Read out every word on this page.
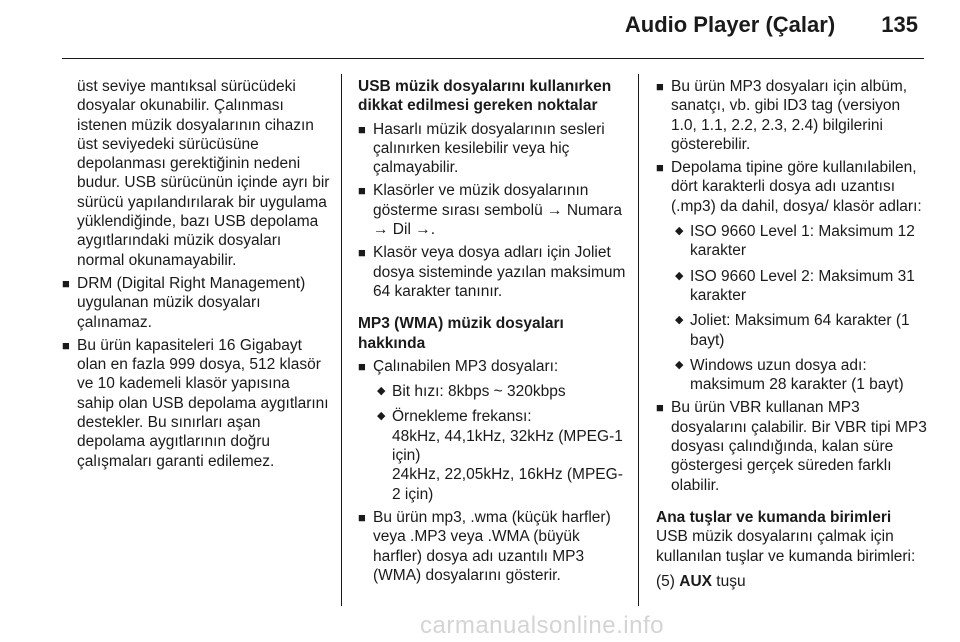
Audio Player (Çalar) 135

üst seviye mantıksal sürücüdeki dosyalar okunabilir. Çalınması istenen müzik dosyalarının cihazın üst seviyedeki sürücüsüne depolanması gerektiğinin nedeni budur. USB sürücünün içinde ayrı bir sürücü yapılandırılarak bir uygulama yüklendiğinde, bazı USB depolama aygıtlarındaki müzik dosyaları normal okunamayabilir.

■ DRM (Digital Right Management) uygulanan müzik dosyaları çalınamaz.
■ Bu ürün kapasiteleri 16 Gigabayt olan en fazla 999 dosya, 512 klasör ve 10 kademeli klasör yapısına sahip olan USB depolama aygıtlarını destekler. Bu sınırları aşan depolama aygıtlarının doğru çalışmaları garanti edilemez.

USB müzik dosyalarını kullanırken dikkat edilmesi gereken noktalar

■ Hasarlı müzik dosyalarının sesleri çalınırken kesilebilir veya hiç çalmayabilir.
■ Klasörler ve müzik dosyalarının gösterme sırası sembolü → Numara → Dil →.
■ Klasör veya dosya adları için Joliet dosya sisteminde yazılan maksimum 64 karakter tanınır.

MP3 (WMA) müzik dosyaları hakkında

■ Çalınabilen MP3 dosyaları:
◆ Bit hızı: 8kbps ~ 320kbps
◆ Örnekleme frekansı:

48kHz, 44,1kHz, 32kHz (MPEG-1 için)

24kHz, 22,05kHz, 16kHz (MPEG-2 için)

■ Bu ürün mp3, .wma (küçük harfler) veya .MP3 veya .WMA (büyük harfler) dosya adı uzantılı MP3 (WMA) dosyalarını gösterir.
■ Bu ürün MP3 dosyaları için albüm, sanatçı, vb. gibi ID3 tag (versiyon 1.0, 1.1, 2.2, 2.3, 2.4) bilgilerini gösterebilir.
■ Depolama tipine göre kullanılabilen, dört karakterli dosya adı uzantısı (.mp3) da dahil, dosya/ klasör adları:
◆ ISO 9660 Level 1: Maksimum 12 karakter
◆ ISO 9660 Level 2: Maksimum 31 karakter
◆ Joliet: Maksimum 64 karakter (1 bayt)
◆ Windows uzun dosya adı: maksimum 28 karakter (1 bayt)
■ Bu ürün VBR kullanan MP3 dosyalarını çalabilir. Bir VBR tipi MP3 dosyası çalındığında, kalan süre göstergesi gerçek süreden farklı olabilir.

Ana tuşlar ve kumanda birimleri

USB müzik dosyalarını çalmak için kullanılan tuşlar ve kumanda birimleri:

(5) AUX tuşu

carmanualsonline.info
